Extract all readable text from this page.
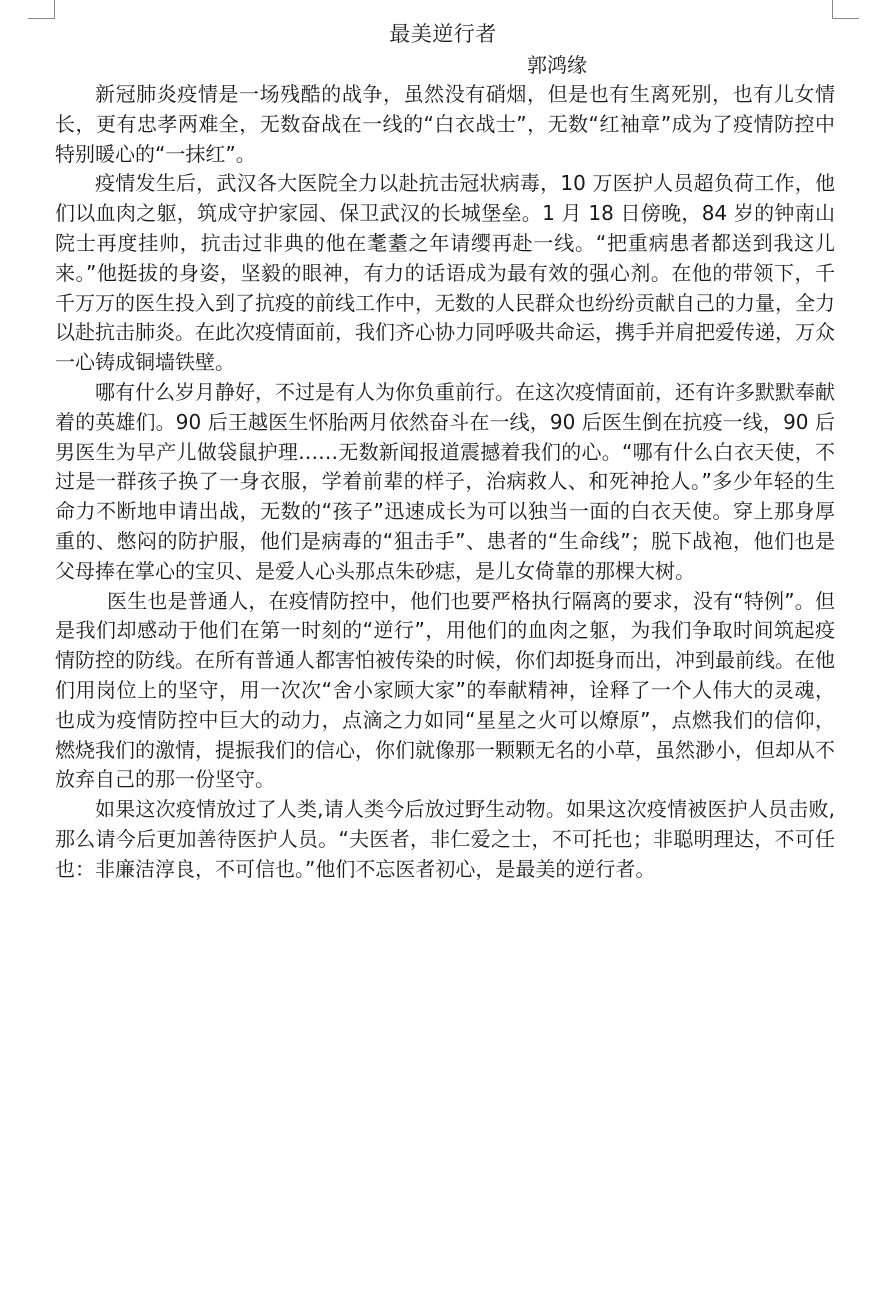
最美逆行者
郭鸿缘

新冠肺炎疫情是一场残酷的战争，虽然没有硝烟，但是也有生离死别，也有儿女情长，更有忠孝两难全，无数奋战在一线的“白衣战士”，无数“红袖章”成为了疫情防控中特别暖心的“一抹红”。

疫情发生后，武汉各大医院全力以赴抗击冠状病毒，10 万医护人员超负荷工作，他们以血肉之躯，筑成守护家园、保卫武汉的长城堡垒。1 月 18 日傍晚，84 岁的钟南山院士再度挂帅，抗击过非典的他在耄耋之年请缨再赴一线。“把重病患者都送到我这儿来。”他挺拔的身姿，坚毅的眼神，有力的话语成为最有效的强心剂。在他的带领下，千千万万的医生投入到了抗疫的前线工作中，无数的人民群众也纷纷贡献自己的力量，全力以赴抗击肺炎。在此次疫情面前，我们齐心协力同呼吸共命运，携手并肩把爱传递，万众一心铸成铜墙铁壁。

哪有什么岁月静好，不过是有人为你负重前行。在这次疫情面前，还有许多默默奉献着的英雄们。90 后王越医生怀胎两月依然奋斗在一线，90 后医生倒在抗疫一线，90 后男医生为早产儿做袋鼠护理……无数新闻报道震撼着我们的心。“哪有什么白衣天使，不过是一群孩子换了一身衣服，学着前辈的样子，治病救人、和死神抢人。”多少年轻的生命力不断地申请出战，无数的“孩子”迅速成长为可以独当一面的白衣天使。穿上那身厚重的、憋闷的防护服，他们是病毒的“狙击手”、患者的“生命线”；脱下战袍，他们也是父母捧在掌心的宝贝、是爱人心头那点朱砂痣，是儿女倚靠的那棵大树。

医生也是普通人，在疫情防控中，他们也要严格执行隔离的要求，没有“特例”。但是我们却感动于他们在第一时刻的“逆行”，用他们的血肉之躯，为我们争取时间筑起疫情防控的防线。在所有普通人都害怕被传染的时候，你们却挺身而出，冲到最前线。在他们用岗位上的坚守，用一次次“舍小家顾大家”的奉献精神，诠释了一个人伟大的灵魂，也成为疫情防控中巨大的动力，点滴之力如同“星星之火可以燎原”，点燃我们的信仰，燃烧我们的激情，提振我们的信心，你们就像那一颗颗无名的小草，虽然渺小，但却从不放弃自己的那一份坚守。

如果这次疫情放过了人类,请人类今后放过野生动物。如果这次疫情被医护人员击败,那么请今后更加善待医护人员。“夫医者，非仁爱之士，不可托也；非聪明理达，不可任也：非廉洁淳良，不可信也。”他们不忘医者初心，是最美的逆行者。
